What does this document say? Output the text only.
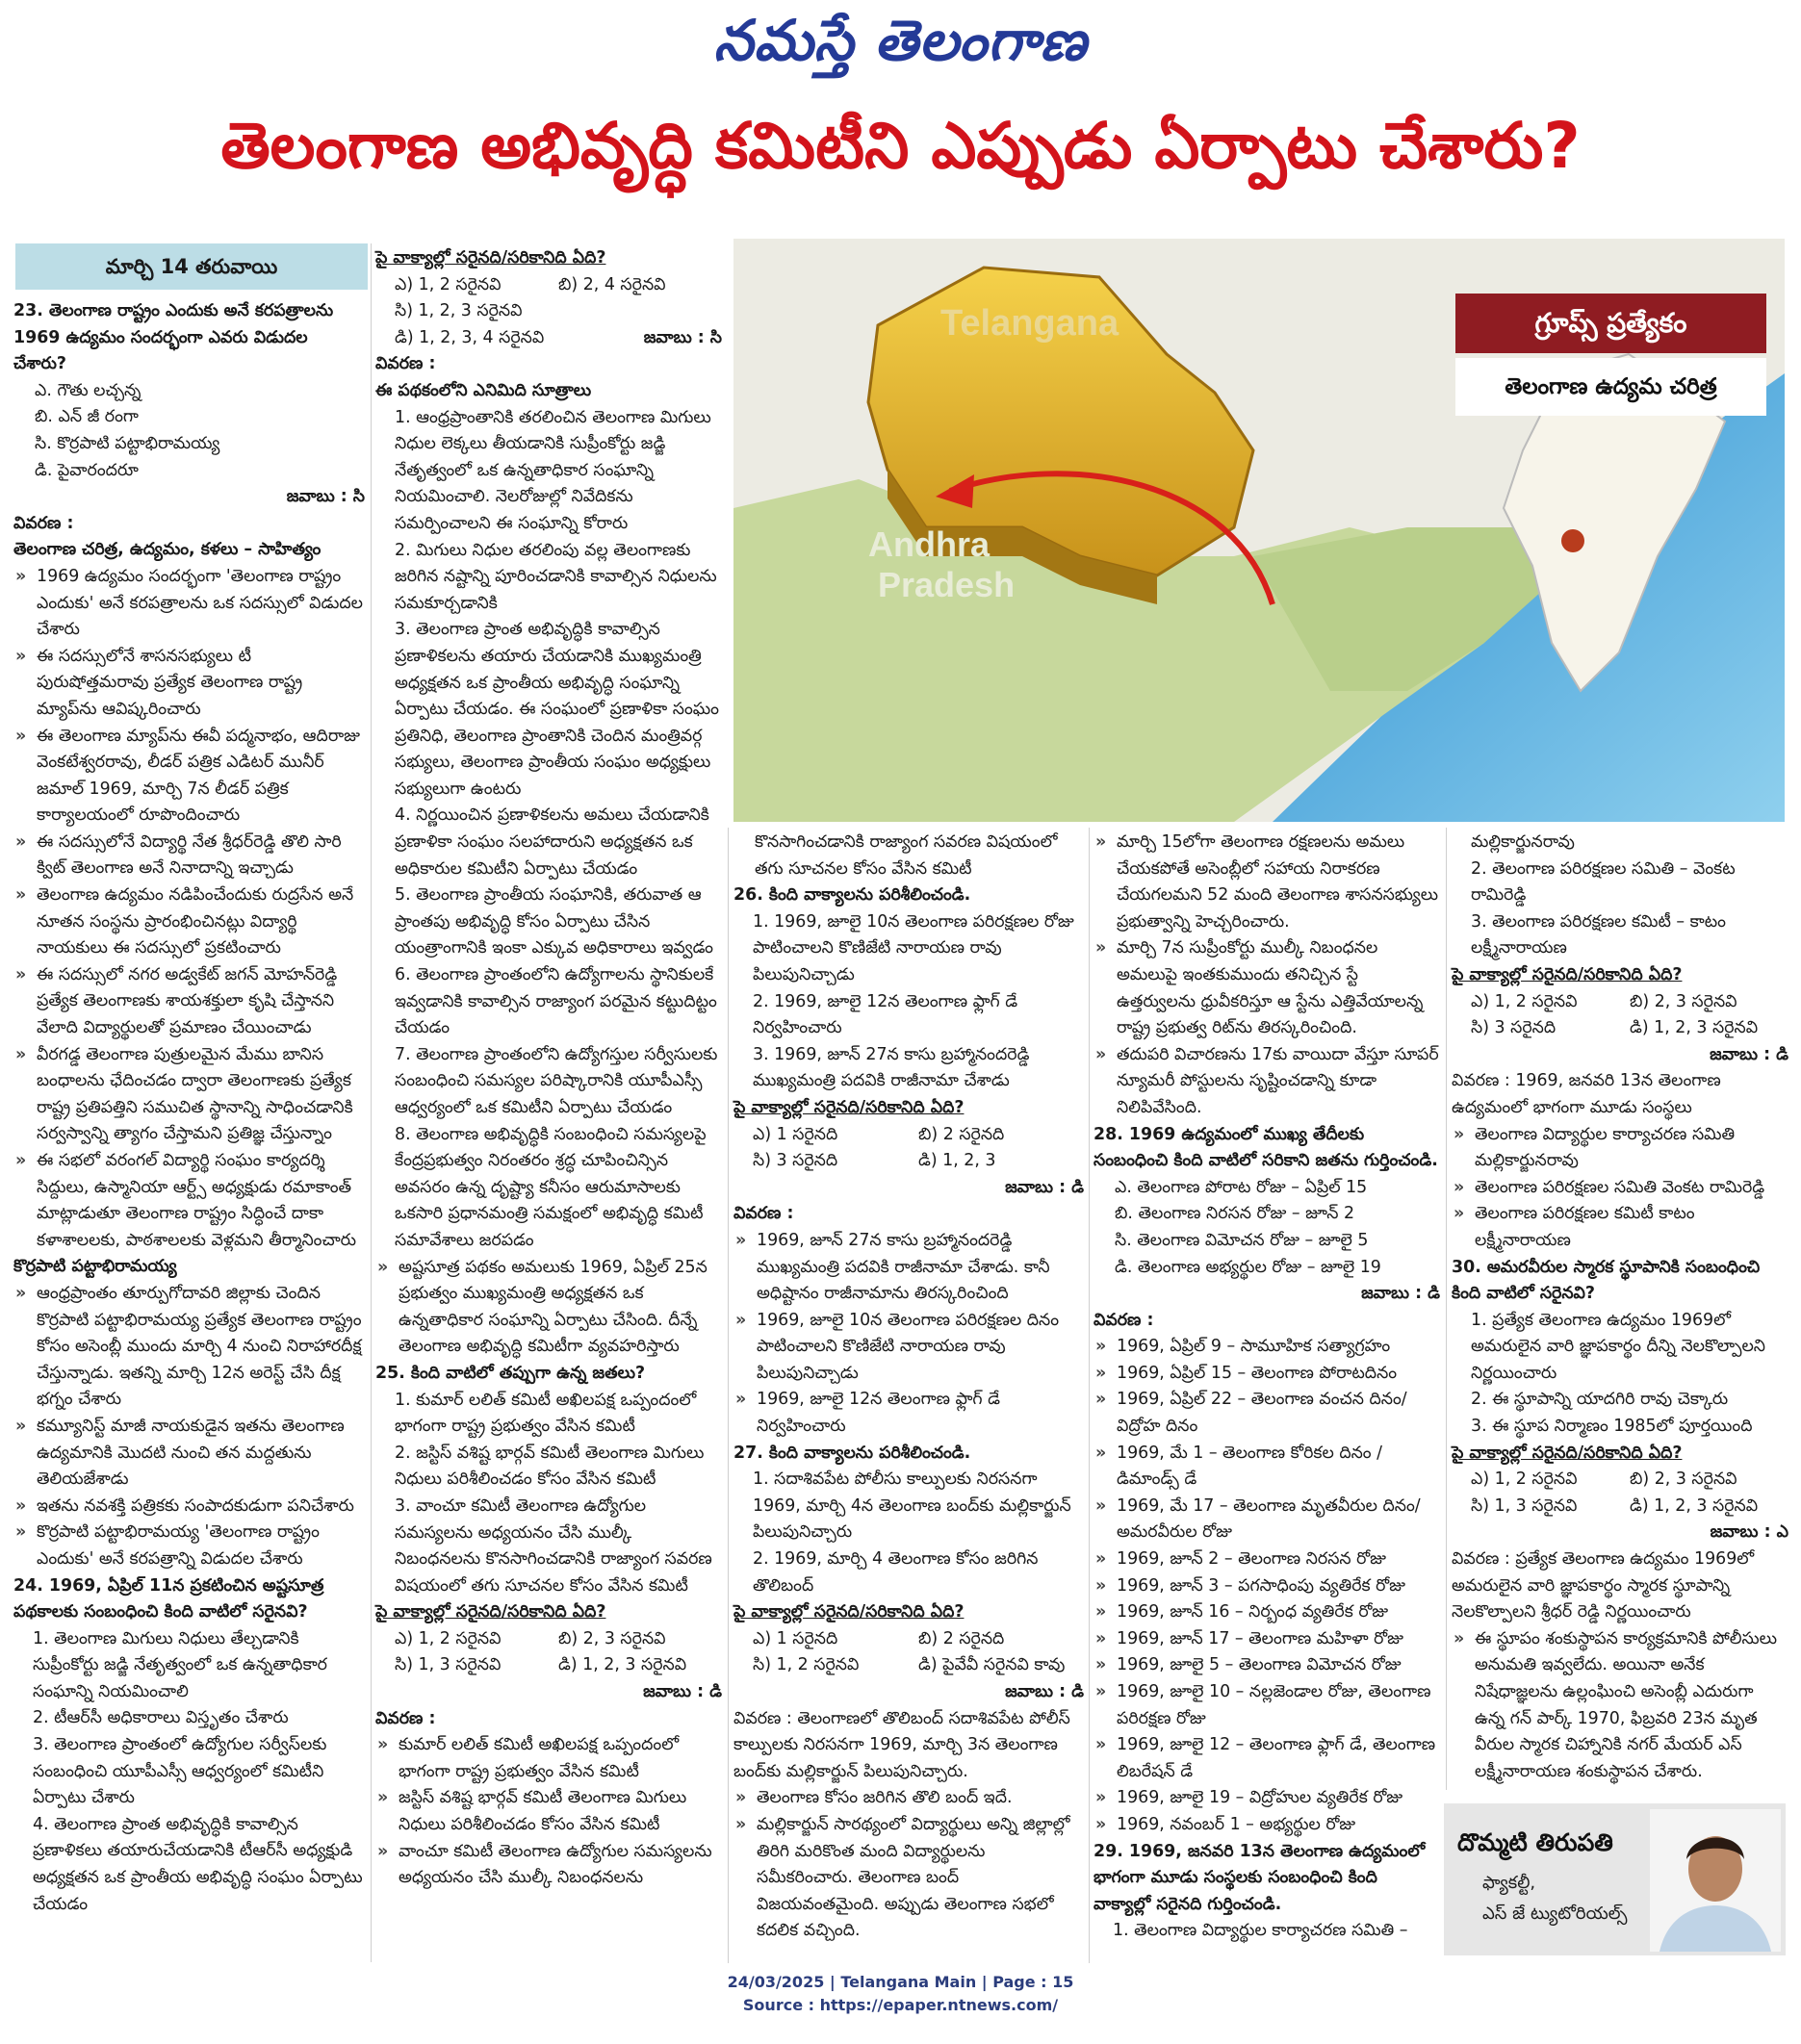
నమస్తే తెలంగాణ
తెలంగాణ అభివృద్ధి కమిటీని ఎప్పుడు ఏర్పాటు చేశారు?
మార్చి 14 తరువాయి
Telangana
Andhra
Pradesh
గ్రూప్స్ ప్రత్యేకం
తెలంగాణ ఉద్యమ చరిత్ర

23. తెలంగాణ రాష్ట్రం ఎందుకు అనే కరపత్రాలను 1969 ఉద్యమం సందర్భంగా ఎవరు విడుదల చేశారు?

ఎ. గౌతు లచ్చన్న

బి. ఎన్ జీ రంగా

సి. కొర్రపాటి పట్టాభిరామయ్య

డి. పైవారందరూ

జవాబు : సి

వివరణ :

తెలంగాణ చరిత్ర, ఉద్యమం, కళలు – సాహిత్యం

» 1969 ఉద్యమం సందర్భంగా 'తెలంగాణ రాష్ట్రం ఎందుకు' అనే కరపత్రాలను ఒక సదస్సులో విడుదల చేశారు

» ఈ సదస్సులోనే శాసనసభ్యులు టీ పురుషోత్తమరావు ప్రత్యేక తెలంగాణ రాష్ట్ర మ్యాప్‌ను ఆవిష్కరించారు

» ఈ తెలంగాణ మ్యాప్‌ను ఈవీ పద్మనాభం, ఆదిరాజు వెంకటేశ్వరరావు, లీడర్ పత్రిక ఎడిటర్ మునీర్ జమాల్ 1969, మార్చి 7న లీడర్ పత్రిక కార్యాలయంలో రూపొందించారు

» ఈ సదస్సులోనే విద్యార్థి నేత శ్రీధర్‌రెడ్డి తొలి సారి క్విట్ తెలంగాణ అనే నినాదాన్ని ఇచ్చాడు

» తెలంగాణ ఉద్యమం నడిపించేందుకు రుద్రసేన అనే నూతన సంస్థను ప్రారంభించినట్లు విద్యార్థి నాయకులు ఈ సదస్సులో ప్రకటించారు

» ఈ సదస్సులో నగర అడ్వకేట్ జగన్ మోహన్‌రెడ్డి ప్రత్యేక తెలంగాణకు శాయశక్తులా కృషి చేస్తానని వేలాది విద్యార్థులతో ప్రమాణం చేయించాడు

» వీరగడ్డ తెలంగాణ పుత్రులమైన మేము బానిస బంధాలను ఛేదించడం ద్వారా తెలంగాణకు ప్రత్యేక రాష్ట్ర ప్రతిపత్తిని సముచిత స్థానాన్ని సాధించడానికి సర్వస్వాన్ని త్యాగం చేస్తామని ప్రతిజ్ఞ చేస్తున్నాం

» ఈ సభలో వరంగల్ విద్యార్థి సంఘం కార్యదర్శి సిద్దులు, ఉస్మానియా ఆర్ట్స్ అధ్యక్షుడు రమాకాంత్ మాట్లాడుతూ తెలంగాణ రాష్ట్రం సిద్ధించే దాకా కళాశాలలకు, పాఠశాలలకు వెళ్లమని తీర్మానించారు

కొర్రపాటి పట్టాభిరామయ్య

» ఆంధ్రప్రాంతం తూర్పుగోదావరి జిల్లాకు చెందిన కొర్రపాటి పట్టాభిరామయ్య ప్రత్యేక తెలంగాణ రాష్ట్రం కోసం అసెంబ్లీ ముందు మార్చి 4 నుంచి నిరాహారదీక్ష చేస్తున్నాడు. ఇతన్ని మార్చి 12న అరెస్ట్ చేసి దీక్ష భగ్నం చేశారు

» కమ్యూనిస్ట్ మాజీ నాయకుడైన ఇతను తెలంగాణ ఉద్యమానికి మొదటి నుంచి తన మద్దతును తెలియజేశాడు

» ఇతను నవశక్తి పత్రికకు సంపాదకుడుగా పనిచేశారు

» కొర్రపాటి పట్టాభిరామయ్య 'తెలంగాణ రాష్ట్రం ఎందుకు' అనే కరపత్రాన్ని విడుదల చేశారు

24. 1969, ఏప్రిల్ 11న ప్రకటించిన అష్టసూత్ర పథకాలకు సంబంధించి కింది వాటిలో సరైనవి?

1. తెలంగాణ మిగులు నిధులు తేల్చడానికి సుప్రీంకోర్టు జడ్జి నేతృత్వంలో ఒక ఉన్నతాధికార సంఘాన్ని నియమించాలి

2. టీఆర్‌సీ అధికారాలు విస్తృతం చేశారు

3. తెలంగాణ ప్రాంతంలో ఉద్యోగుల సర్వీస్‌లకు సంబంధించి యూపీఎస్సీ ఆధ్వర్యంలో కమిటీని ఏర్పాటు చేశారు

4. తెలంగాణ ప్రాంత అభివృద్ధికి కావాల్సిన ప్రణాళికలు తయారుచేయడానికి టీఆర్‌సీ అధ్యక్షుడి అధ్యక్షతన ఒక ప్రాంతీయ అభివృద్ధి సంఘం ఏర్పాటు చేయడం

పై వాక్యాల్లో సరైనది/సరికానిది ఏది?

ఎ) 1, 2 సరైనవి	బి) 2, 4 సరైనవి
సి) 1, 2, 3 సరైనవి
డి) 1, 2, 3, 4 సరైనవి	జవాబు : సి

వివరణ :

ఈ పథకంలోని ఎనిమిది సూత్రాలు

1. ఆంధ్రప్రాంతానికి తరలించిన తెలంగాణ మిగులు నిధుల లెక్కలు తీయడానికి సుప్రీంకోర్టు జడ్జి నేతృత్వంలో ఒక ఉన్నతాధికార సంఘాన్ని నియమించాలి. నెలరోజుల్లో నివేదికను సమర్పించాలని ఈ సంఘాన్ని కోరారు

2. మిగులు నిధుల తరలింపు వల్ల తెలంగాణకు జరిగిన నష్టాన్ని పూరించడానికి కావాల్సిన నిధులను సమకూర్చడానికి

3. తెలంగాణ ప్రాంత అభివృద్ధికి కావాల్సిన ప్రణాళికలను తయారు చేయడానికి ముఖ్యమంత్రి అధ్యక్షతన ఒక ప్రాంతీయ అభివృద్ధి సంఘాన్ని ఏర్పాటు చేయడం. ఈ సంఘంలో ప్రణాళికా సంఘం ప్రతినిధి, తెలంగాణ ప్రాంతానికి చెందిన మంత్రివర్గ సభ్యులు, తెలంగాణ ప్రాంతీయ సంఘం అధ్యక్షులు సభ్యులుగా ఉంటరు

4. నిర్ణయించిన ప్రణాళికలను అమలు చేయడానికి ప్రణాళికా సంఘం సలహాదారుని అధ్యక్షతన ఒక అధికారుల కమిటీని ఏర్పాటు చేయడం

5. తెలంగాణ ప్రాంతీయ సంఘానికి, తరువాత ఆ ప్రాంతపు అభివృద్ధి కోసం ఏర్పాటు చేసిన యంత్రాంగానికి ఇంకా ఎక్కువ అధికారాలు ఇవ్వడం

6. తెలంగాణ ప్రాంతంలోని ఉద్యోగాలను స్థానికులకే ఇవ్వడానికి కావాల్సిన రాజ్యాంగ పరమైన కట్టుదిట్టం చేయడం

7. తెలంగాణ ప్రాంతంలోని ఉద్యోగస్తుల సర్వీసులకు సంబంధించి సమస్యల పరిష్కారానికి యూపీఎస్సీ ఆధ్వర్యంలో ఒక కమిటీని ఏర్పాటు చేయడం

8. తెలంగాణ అభివృద్ధికి సంబంధించి సమస్యలపై కేంద్రప్రభుత్వం నిరంతరం శ్రద్ధ చూపించిన్సిన అవసరం ఉన్న దృష్ట్యా కనీసం ఆరుమాసాలకు ఒకసారి ప్రధానమంత్రి సమక్షంలో అభివృద్ధి కమిటీ సమావేశాలు జరపడం

» అష్టసూత్ర పథకం అమలుకు 1969, ఏప్రిల్ 25న ప్రభుత్వం ముఖ్యమంత్రి అధ్యక్షతన ఒక ఉన్నతాధికార సంఘాన్ని ఏర్పాటు చేసింది. దీన్నే తెలంగాణ అభివృద్ధి కమిటీగా వ్యవహరిస్తారు

25. కింది వాటిలో తప్పుగా ఉన్న జతలు?

1. కుమార్ లలిత్ కమిటీ అఖిలపక్ష ఒప్పందంలో భాగంగా రాష్ట్ర ప్రభుత్వం వేసిన కమిటీ

2. జస్టిస్ వశిష్ట భార్గవ్ కమిటీ తెలంగాణ మిగులు నిధులు పరిశీలించడం కోసం వేసిన కమిటీ

3. వాంచూ కమిటీ తెలంగాణ ఉద్యోగుల సమస్యలను అధ్యయనం చేసి ముల్కీ నిబంధనలను కొనసాగించడానికి రాజ్యాంగ సవరణ విషయంలో తగు సూచనల కోసం వేసిన కమిటీ

పై వాక్యాల్లో సరైనది/సరికానిది ఏది?

ఎ) 1, 2 సరైనవి	బి) 2, 3 సరైనవి
సి) 1, 3 సరైనవి	డి) 1, 2, 3 సరైనవి

జవాబు : డి

వివరణ :

» కుమార్ లలిత్ కమిటీ అఖిలపక్ష ఒప్పందంలో భాగంగా రాష్ట్ర ప్రభుత్వం వేసిన కమిటీ

» జస్టిస్ వశిష్ట భార్గవ్ కమిటీ తెలంగాణ మిగులు నిధులు పరిశీలించడం కోసం వేసిన కమిటీ

» వాంచూ కమిటీ తెలంగాణ ఉద్యోగుల సమస్యలను అధ్యయనం చేసి ముల్కీ నిబంధనలను

కొనసాగించడానికి రాజ్యాంగ సవరణ విషయంలో తగు సూచనల కోసం వేసిన కమిటీ

26. కింది వాక్యాలను పరిశీలించండి.

1. 1969, జూలై 10న తెలంగాణ పరిరక్షణల రోజు పాటించాలని కొణిజేటి నారాయణ రావు పిలుపునిచ్చాడు

2. 1969, జూలై 12న తెలంగాణ ఫ్లాగ్ డే నిర్వహించారు

3. 1969, జూన్ 27న కాసు బ్రహ్మానందరెడ్డి ముఖ్యమంత్రి పదవికి రాజీనామా చేశాడు

పై వాక్యాల్లో సరైనది/సరికానిది ఏది?

ఎ) 1 సరైనది	బి) 2 సరైనది
సి) 3 సరైనది	డి) 1, 2, 3

జవాబు : డి

వివరణ :

» 1969, జూన్ 27న కాసు బ్రహ్మానందరెడ్డి ముఖ్యమంత్రి పదవికి రాజీనామా చేశాడు. కానీ అధిష్టానం రాజీనామాను తిరస్కరించింది

» 1969, జూలై 10న తెలంగాణ పరిరక్షణల దినం పాటించాలని కొణిజేటి నారాయణ రావు పిలుపునిచ్చాడు

» 1969, జూలై 12న తెలంగాణ ఫ్లాగ్ డే నిర్వహించారు

27. కింది వాక్యాలను పరిశీలించండి.

1. సదాశివపేట పోలీసు కాల్పులకు నిరసనగా 1969, మార్చి 4న తెలంగాణ బంద్‌కు మల్లికార్జున్ పిలుపునిచ్చారు

2. 1969, మార్చి 4 తెలంగాణ కోసం జరిగిన తొలిబంద్

పై వాక్యాల్లో సరైనది/సరికానిది ఏది?

ఎ) 1 సరైనది	బి) 2 సరైనది
సి) 1, 2 సరైనవి	డి) పైవేవీ సరైనవి కావు

జవాబు : డి

వివరణ : తెలంగాణలో తొలిబంద్ సదాశివపేట పోలీస్ కాల్పులకు నిరసనగా 1969, మార్చి 3న తెలంగాణ బంద్‌కు మల్లికార్జున్ పిలుపునిచ్చారు.

» తెలంగాణ కోసం జరిగిన తొలి బంద్ ఇదే.

» మల్లికార్జున్ సారథ్యంలో విద్యార్థులు అన్ని జిల్లాల్లో తిరిగి మరికొంత మంది విద్యార్థులను సమీకరించారు. తెలంగాణ బంద్ విజయవంతమైంది. అప్పుడు తెలంగాణ సభలో కదలిక వచ్చింది.

» మార్చి 15లోగా తెలంగాణ రక్షణలను అమలు చేయకపోతే అసెంబ్లీలో సహాయ నిరాకరణ చేయగలమని 52 మంది తెలంగాణ శాసనసభ్యులు ప్రభుత్వాన్ని హెచ్చరించారు.

» మార్చి 7న సుప్రీంకోర్టు ముల్కీ నిబంధనల అమలుపై ఇంతకుముందు తనిచ్చిన స్టే ఉత్తర్వులను ధ్రువీకరిస్తూ ఆ స్టేను ఎత్తివేయాలన్న రాష్ట్ర ప్రభుత్వ రిట్‌ను తిరస్కరించింది.

» తదుపరి విచారణను 17కు వాయిదా వేస్తూ సూపర్ న్యూమరీ పోస్టులను సృష్టించడాన్ని కూడా నిలిపివేసింది.

28. 1969 ఉద్యమంలో ముఖ్య తేదీలకు సంబంధించి కింది వాటిలో సరికాని జతను గుర్తించండి.

ఎ. తెలంగాణ పోరాట రోజు – ఏప్రిల్ 15

బి. తెలంగాణ నిరసన రోజు – జూన్ 2

సి. తెలంగాణ విమోచన రోజు – జూలై 5

డి. తెలంగాణ అభ్యర్థుల రోజు – జూలై 19

జవాబు : డి

వివరణ :

» 1969, ఏప్రిల్ 9 – సామూహిక సత్యాగ్రహం

» 1969, ఏప్రిల్ 15 – తెలంగాణ పోరాటదినం

» 1969, ఏప్రిల్ 22 – తెలంగాణ వంచన దినం/ విద్రోహ దినం

» 1969, మే 1 – తెలంగాణ కోరికల దినం / డిమాండ్స్ డే

» 1969, మే 17 – తెలంగాణ మృతవీరుల దినం/అమరవీరుల రోజు

» 1969, జూన్ 2 – తెలంగాణ నిరసన రోజు

» 1969, జూన్ 3 – పగసాధింపు వ్యతిరేక రోజు

» 1969, జూన్ 16 – నిర్బంధ వ్యతిరేక రోజు

» 1969, జూన్ 17 – తెలంగాణ మహిళా రోజు

» 1969, జూలై 5 – తెలంగాణ విమోచన రోజు

» 1969, జూలై 10 – నల్లజెండాల రోజు, తెలంగాణ పరిరక్షణ రోజు

» 1969, జూలై 12 – తెలంగాణ ఫ్లాగ్ డే, తెలంగాణ లిబరేషన్ డే

» 1969, జూలై 19 – విద్రోహుల వ్యతిరేక రోజు

» 1969, నవంబర్ 1 – అభ్యర్థుల రోజు

29. 1969, జనవరి 13న తెలంగాణ ఉద్యమంలో భాగంగా మూడు సంస్థలకు సంబంధించి కింది వాక్యాల్లో సరైనది గుర్తించండి.

1. తెలంగాణ విద్యార్థుల కార్యాచరణ సమితి –

మల్లికార్జునరావు

2. తెలంగాణ పరిరక్షణల సమితి – వెంకట రామిరెడ్డి

3. తెలంగాణ పరిరక్షణల కమిటీ – కాటం లక్ష్మీనారాయణ

పై వాక్యాల్లో సరైనది/సరికానిది ఏది?

ఎ) 1, 2 సరైనవి	బి) 2, 3 సరైనవి
సి) 3 సరైనది	డి) 1, 2, 3 సరైనవి

జవాబు : డి

వివరణ : 1969, జనవరి 13న తెలంగాణ ఉద్యమంలో భాగంగా మూడు సంస్థలు

» తెలంగాణ విద్యార్థుల కార్యాచరణ సమితి మల్లికార్జునరావు

» తెలంగాణ పరిరక్షణల సమితి వెంకట రామిరెడ్డి

» తెలంగాణ పరిరక్షణల కమిటీ కాటం లక్ష్మీనారాయణ

30. అమరవీరుల స్మారక స్థూపానికి సంబంధించి కింది వాటిలో సరైనవి?

1. ప్రత్యేక తెలంగాణ ఉద్యమం 1969లో అమరులైన వారి జ్ఞాపకార్థం దీన్ని నెలకొల్పాలని నిర్ణయించారు

2. ఈ స్థూపాన్ని యాదగిరి రావు చెక్కారు

3. ఈ స్థూప నిర్మాణం 1985లో పూర్తయింది

పై వాక్యాల్లో సరైనది/సరికానిది ఏది?

ఎ) 1, 2 సరైనవి	బి) 2, 3 సరైనవి
సి) 1, 3 సరైనవి	డి) 1, 2, 3 సరైనవి

జవాబు : ఎ

వివరణ : ప్రత్యేక తెలంగాణ ఉద్యమం 1969లో అమరులైన వారి జ్ఞాపకార్థం స్మారక స్థూపాన్ని నెలకొల్పాలని శ్రీధర్ రెడ్డి నిర్ణయించారు

» ఈ స్థూపం శంకుస్థాపన కార్యక్రమానికి పోలీసులు అనుమతి ఇవ్వలేదు. అయినా అనేక నిషేధాజ్ఞలను ఉల్లంఘించి అసెంబ్లీ ఎదురుగా ఉన్న గన్ పార్క్ 1970, ఫిబ్రవరి 23న మృత వీరుల స్మారక చిహ్నానికి నగర్ మేయర్ ఎస్ లక్ష్మీనారాయణ శంకుస్థాపన చేశారు.

దొమ్మటి తిరుపతి
ఫ్యాకల్టీ,
ఎస్ జే ట్యుటోరియల్స్
24/03/2025 | Telangana Main | Page : 15
Source : https://epaper.ntnews.com/
